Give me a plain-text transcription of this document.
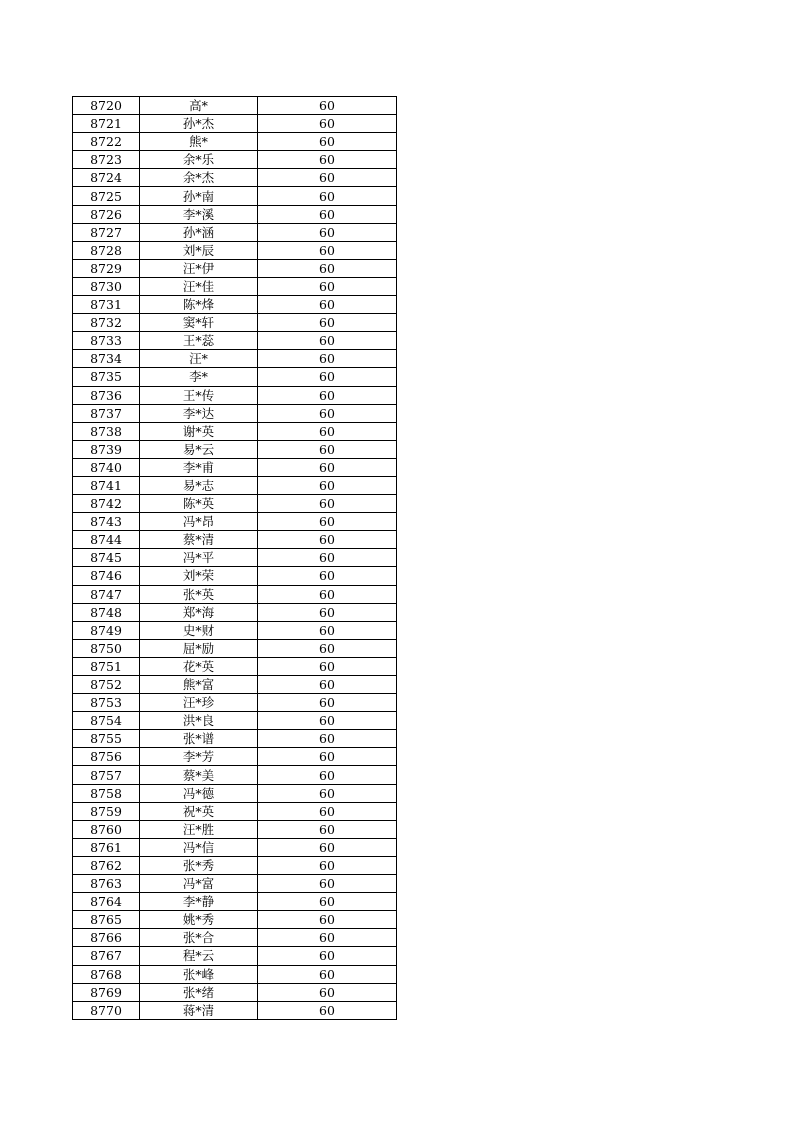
8720	高*	60
8721	孙*杰	60
8722	熊*	60
8723	余*乐	60
8724	余*杰	60
8725	孙*南	60
8726	李*溪	60
8727	孙*涵	60
8728	刘*辰	60
8729	汪*伊	60
8730	汪*佳	60
8731	陈*烽	60
8732	窦*轩	60
8733	王*蕊	60
8734	汪*	60
8735	李*	60
8736	王*传	60
8737	李*达	60
8738	谢*英	60
8739	易*云	60
8740	李*甫	60
8741	易*志	60
8742	陈*英	60
8743	冯*昂	60
8744	蔡*清	60
8745	冯*平	60
8746	刘*荣	60
8747	张*英	60
8748	郑*海	60
8749	史*财	60
8750	屈*励	60
8751	花*英	60
8752	熊*富	60
8753	汪*珍	60
8754	洪*良	60
8755	张*谱	60
8756	李*芳	60
8757	蔡*美	60
8758	冯*德	60
8759	祝*英	60
8760	汪*胜	60
8761	冯*信	60
8762	张*秀	60
8763	冯*富	60
8764	李*静	60
8765	姚*秀	60
8766	张*合	60
8767	程*云	60
8768	张*峰	60
8769	张*绪	60
8770	蒋*清	60
